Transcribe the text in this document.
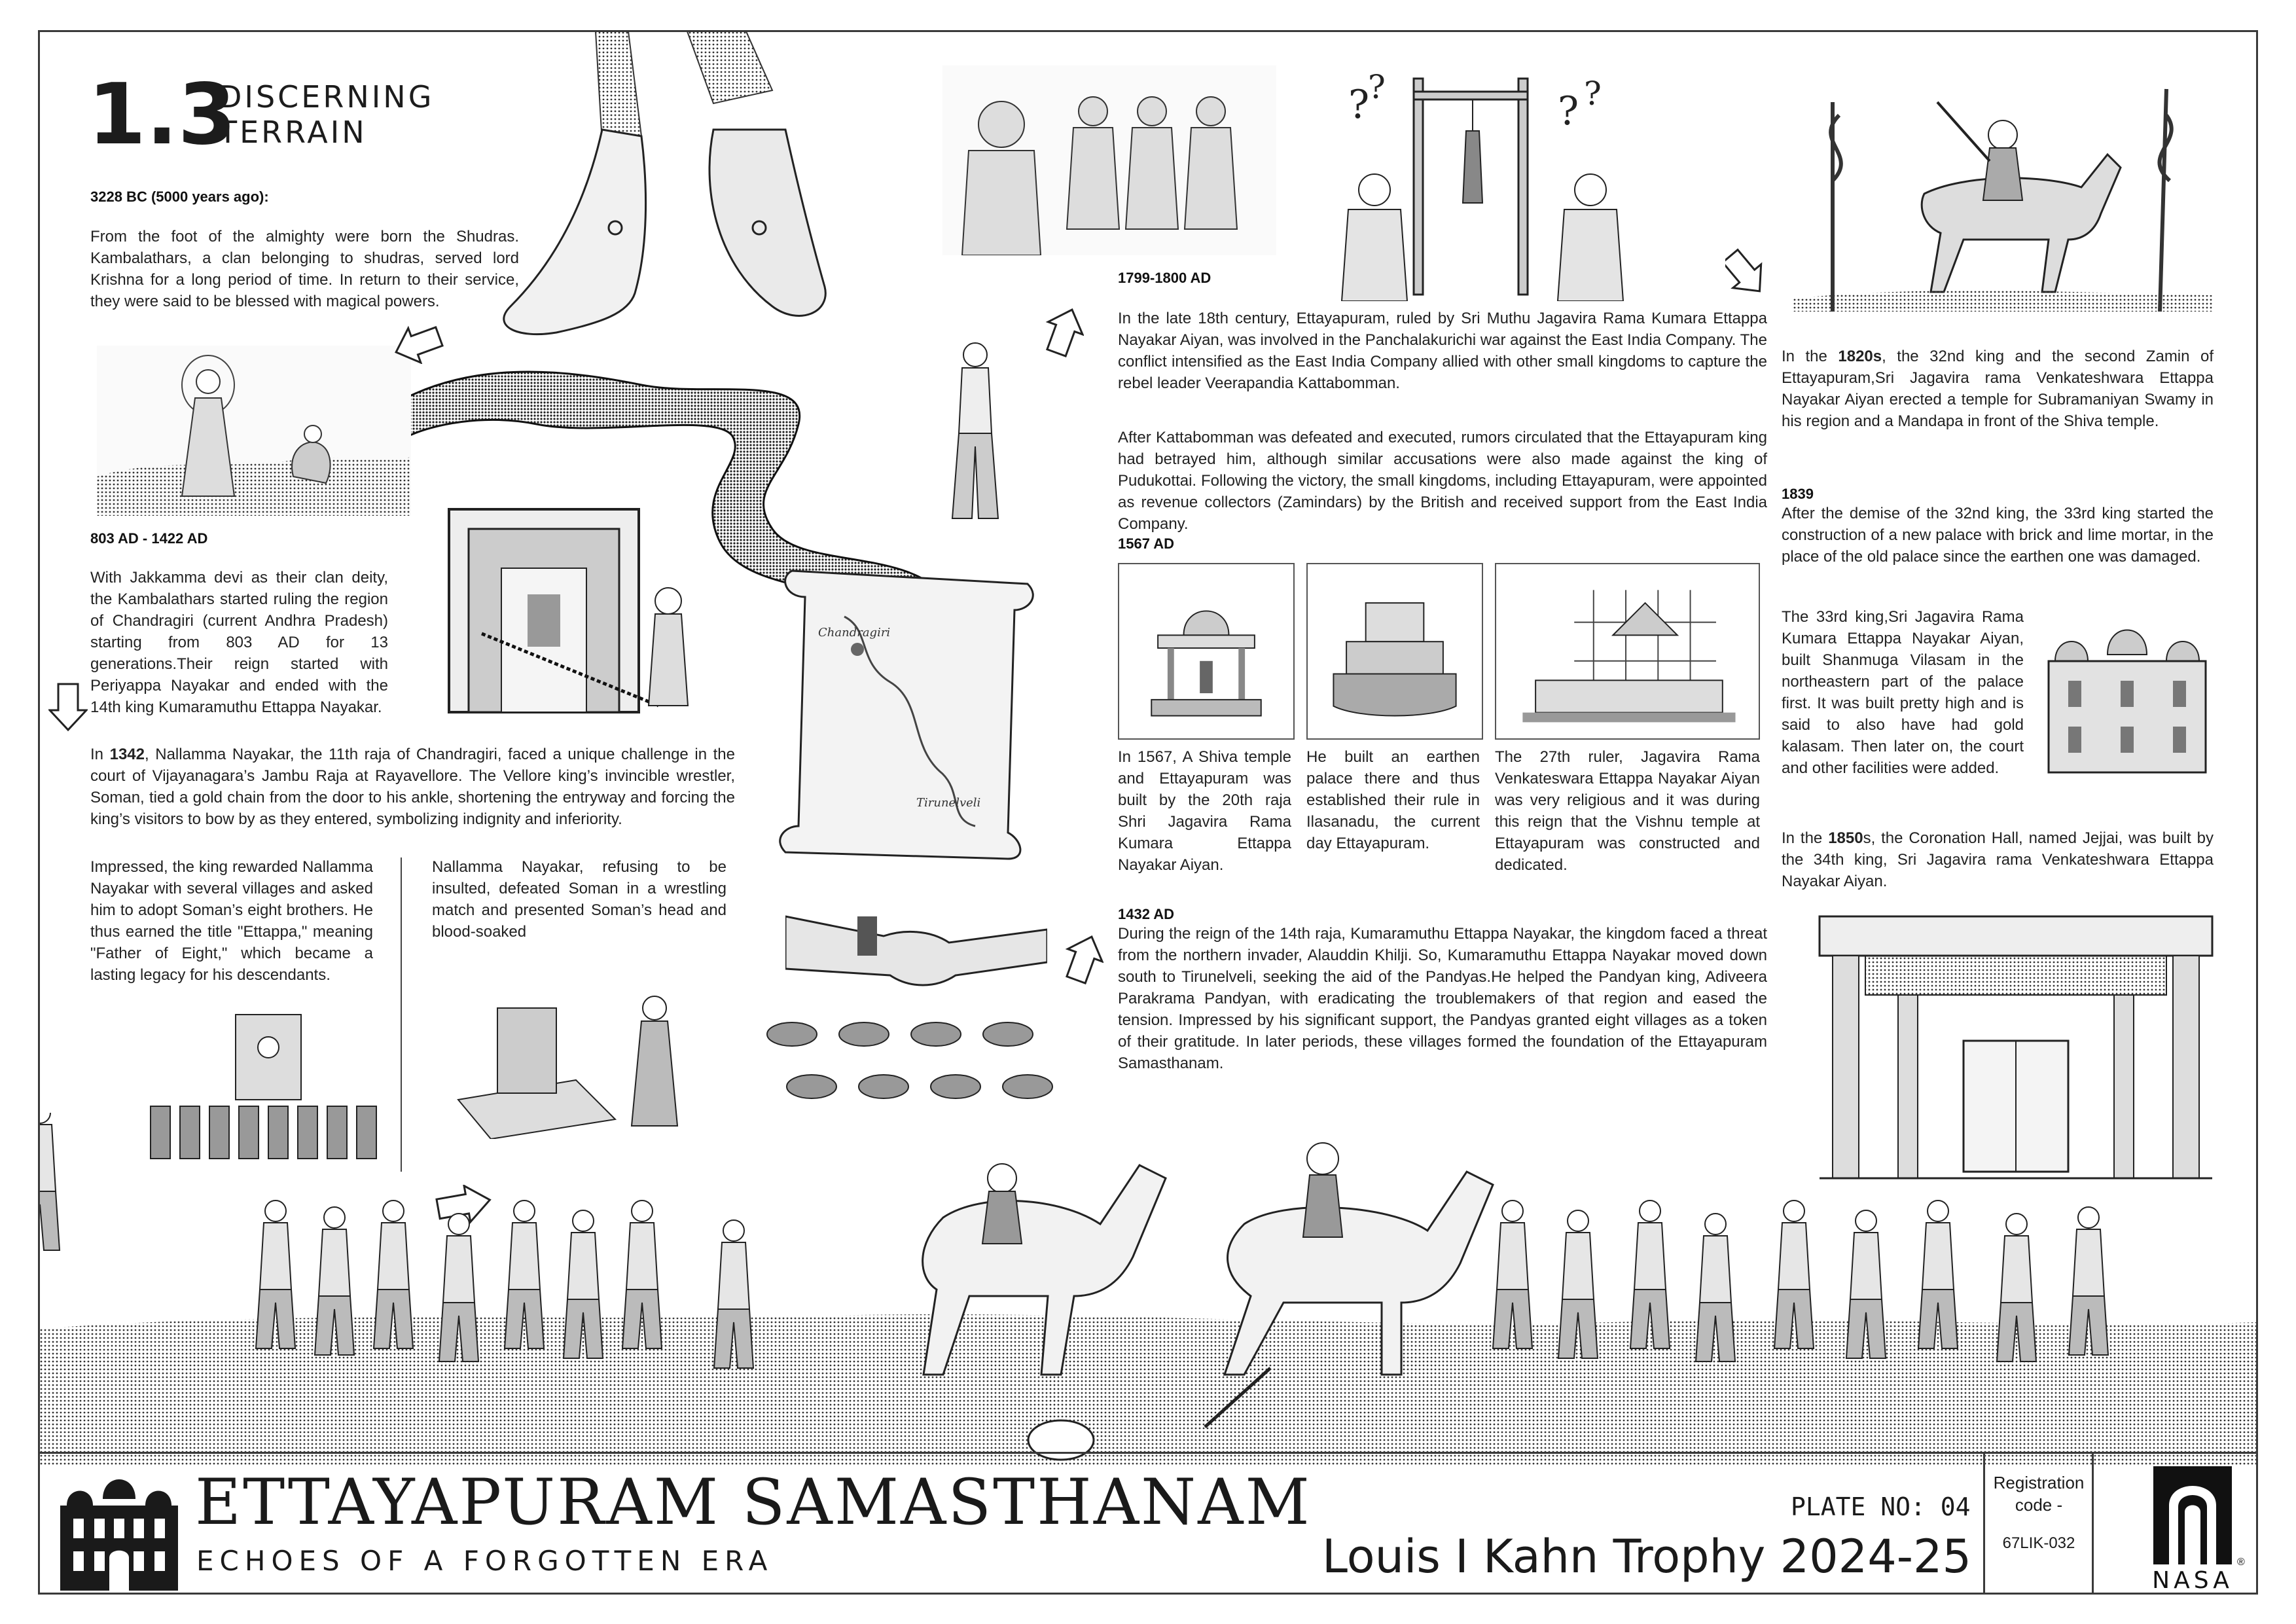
1.3
DISCERNING
TERRAIN

3228 BC (5000 years ago):

From the foot of the almighty were born the Shudras. Kambalathars, a clan belonging to shudras, served lord Krishna for a long period of time. In return to their service, they were said to be blessed with magical powers.

803 AD - 1422 AD

With Jakkamma devi as their clan deity, the Kambalathars started ruling the region of Chandragiri (current Andhra Pradesh) starting from 803 AD for 13 generations.Their reign started with Periyappa Nayakar and ended with the 14th king Kumaramuthu Ettappa Nayakar.

In 1342, Nallamma Nayakar, the 11th raja of Chandragiri, faced a unique challenge in the court of Vijayanagara’s Jambu Raja at Rayavellore. The Vellore king’s invincible wrestler, Soman, tied a gold chain from the door to his ankle, shortening the entryway and forcing the king’s visitors to bow by as they entered, symbolizing indignity and inferiority.

Impressed, the king rewarded Nallamma Nayakar with several villages and asked him to adopt Soman’s eight brothers. He thus earned the title "Ettappa," meaning "Father of Eight," which became a lasting legacy for his descendants.

Nallamma Nayakar, refusing to be insulted, defeated Soman in a wrestling match and presented Soman’s head and blood-soaked

1799-1800 AD

In the late 18th century, Ettayapuram, ruled by Sri Muthu Jagavira Rama Kumara Ettappa Nayakar Aiyan, was involved in the Panchalakurichi war against the East India Company. The conflict intensified as the East India Company allied with other small kingdoms to capture the rebel leader Veerapandia Kattabomman.

After Kattabomman was defeated and executed, rumors circulated that the Ettayapuram king had betrayed him, although similar accusations were also made against the king of Pudukottai. Following the victory, the small kingdoms, including Ettayapuram, were appointed as revenue collectors (Zamindars) by the British and received support from the East India Company.

1567 AD

In 1567, A Shiva temple and Ettayapuram was built by the 20th raja Shri Jagavira Rama Kumara Ettappa Nayakar Aiyan.

He built an earthen palace there and thus established their rule in Ilasanadu, the current day Ettayapuram.

The 27th ruler, Jagavira Rama Venkateswara Ettappa Nayakar Aiyan was very religious and it was during this reign that the Vishnu temple at Ettayapuram was constructed and dedicated.

1432 AD

During the reign of the 14th raja, Kumaramuthu Ettappa Nayakar, the kingdom faced a threat from the northern invader, Alauddin Khilji. So, Kumaramuthu Ettappa Nayakar moved down south to Tirunelveli, seeking the aid of the Pandyas.He helped the Pandyan king, Adiveera Parakrama Pandyan, with eradicating the troublemakers of that region and eased the tension. Impressed by his significant support, the Pandyas granted eight villages as a token of their gratitude. In later periods, these villages formed the foundation of the Ettayapuram Samasthanam.

In the 1820s, the 32nd king and the second Zamin of Ettayapuram,Sri Jagavira rama Venkateshwara Ettappa Nayakar Aiyan erected a temple for Subramaniyan Swamy in his region and a Mandapa in front of the Shiva temple.

1839

After the demise of the 32nd king, the 33rd king started the construction of a new palace with brick and lime mortar, in the place of the old palace since the earthen one was damaged.

The 33rd king,Sri Jagavira Rama Kumara Ettappa Nayakar Aiyan, built Shanmuga Vilasam in the northeastern part of the palace first. It was built pretty high and is said to also have had gold kalasam. Then later on, the court and other facilities were added.

In the 1850s, the Coronation Hall, named Jejjai, was built by the 34th king, Sri Jagavira rama Venkateshwara Ettappa Nayakar Aiyan.

Chandragiri
Tirunelveli
?
?
? ?
ETTAYAPURAM SAMASTHANAM
ECHOES OF A FORGOTTEN ERA
PLATE NO: 04
Louis I Kahn Trophy 2024-25
Registration
code -
67LIK-032
NASA
®
